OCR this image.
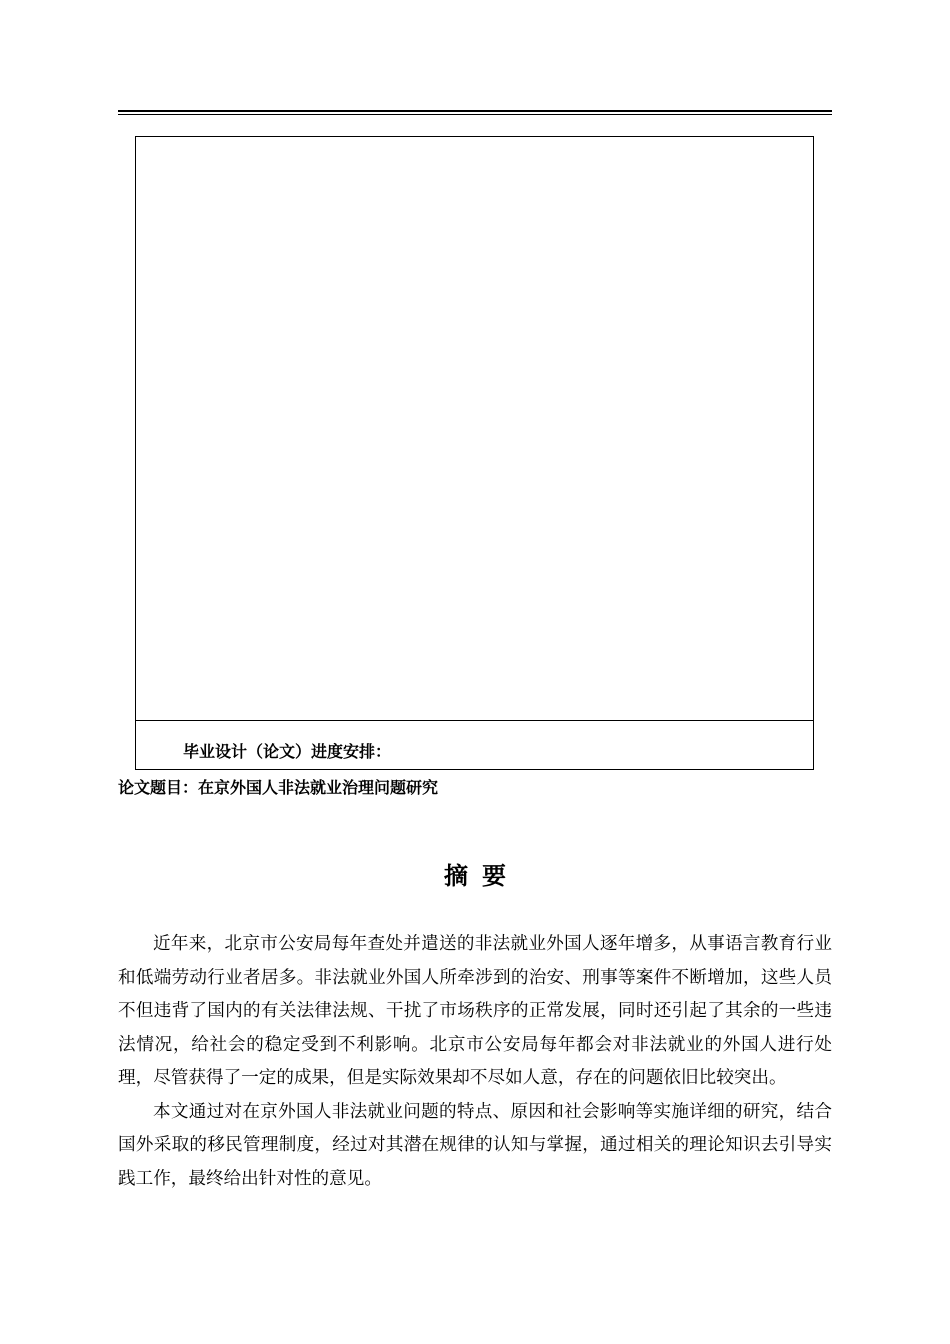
毕业设计（论文）进度安排：
论文题目：在京外国人非法就业治理问题研究
摘要

近年来，北京市公安局每年查处并遣送的非法就业外国人逐年增多，从事语言教育行业和低端劳动行业者居多。非法就业外国人所牵涉到的治安、刑事等案件不断增加，这些人员不但违背了国内的有关法律法规、干扰了市场秩序的正常发展，同时还引起了其余的一些违法情况，给社会的稳定受到不利影响。北京市公安局每年都会对非法就业的外国人进行处理，尽管获得了一定的成果，但是实际效果却不尽如人意，存在的问题依旧比较突出。

本文通过对在京外国人非法就业问题的特点、原因和社会影响等实施详细的研究，结合国外采取的移民管理制度，经过对其潜在规律的认知与掌握，通过相关的理论知识去引导实践工作，最终给出针对性的意见。
